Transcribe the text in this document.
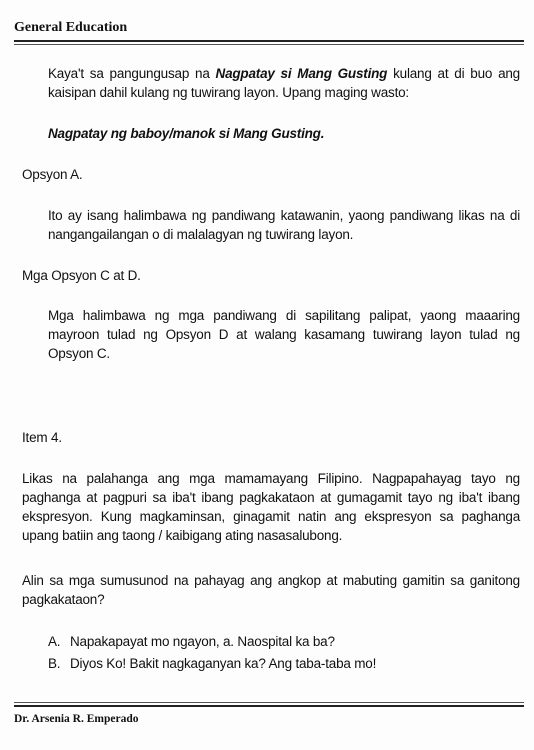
General Education
Kaya't sa pangungusap na Nagpatay si Mang Gusting kulang at di buo ang kaisipan dahil kulang ng tuwirang layon. Upang maging wasto:
Nagpatay ng baboy/manok si Mang Gusting.
Opsyon A.
Ito ay isang halimbawa ng pandiwang katawanin, yaong pandiwang likas na di nangangailangan o di malalagyan ng tuwirang layon.
Mga Opsyon C at D.
Mga halimbawa ng mga pandiwang di sapilitang palipat, yaong maaaring mayroon tulad ng Opsyon D at walang kasamang tuwirang layon tulad ng Opsyon C.
Item 4.
Likas na palahanga ang mga mamamayang Filipino. Nagpapahayag tayo ng paghanga at pagpuri sa iba't ibang pagkakataon at gumagamit tayo ng iba't ibang ekspresyon. Kung magkaminsan, ginagamit natin ang ekspresyon sa paghanga upang batiin ang taong / kaibigang ating nasasalubong.
Alin sa mga sumusunod na pahayag ang angkop at mabuting gamitin sa ganitong pagkakataon?
A. Napakapayat mo ngayon, a. Naospital ka ba?
B. Diyos Ko! Bakit nagkaganyan ka? Ang taba-taba mo!
Dr. Arsenia R. Emperado
